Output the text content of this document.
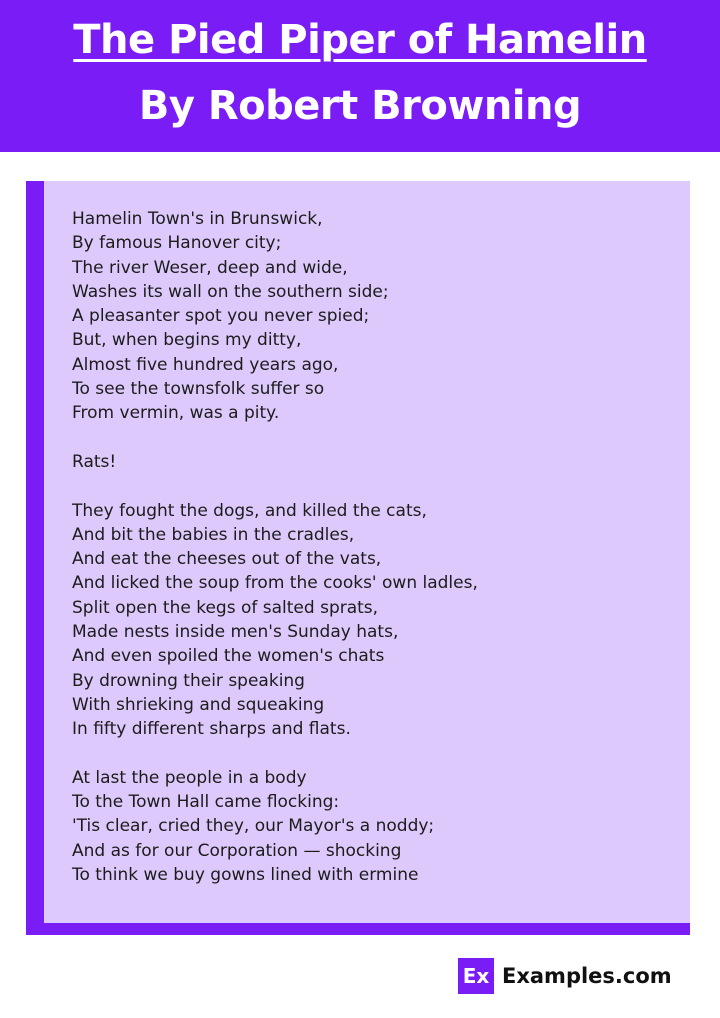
The Pied Piper of Hamelin
By Robert Browning
Hamelin Town's in Brunswick,
By famous Hanover city;
The river Weser, deep and wide,
Washes its wall on the southern side;
A pleasanter spot you never spied;
But, when begins my ditty,
Almost five hundred years ago,
To see the townsfolk suffer so
From vermin, was a pity.
Rats!
They fought the dogs, and killed the cats,
And bit the babies in the cradles,
And eat the cheeses out of the vats,
And licked the soup from the cooks' own ladles,
Split open the kegs of salted sprats,
Made nests inside men's Sunday hats,
And even spoiled the women's chats
By drowning their speaking
With shrieking and squeaking
In fifty different sharps and flats.
At last the people in a body
To the Town Hall came flocking:
'Tis clear, cried they, our Mayor's a noddy;
And as for our Corporation — shocking
To think we buy gowns lined with ermine
Ex Examples.com
